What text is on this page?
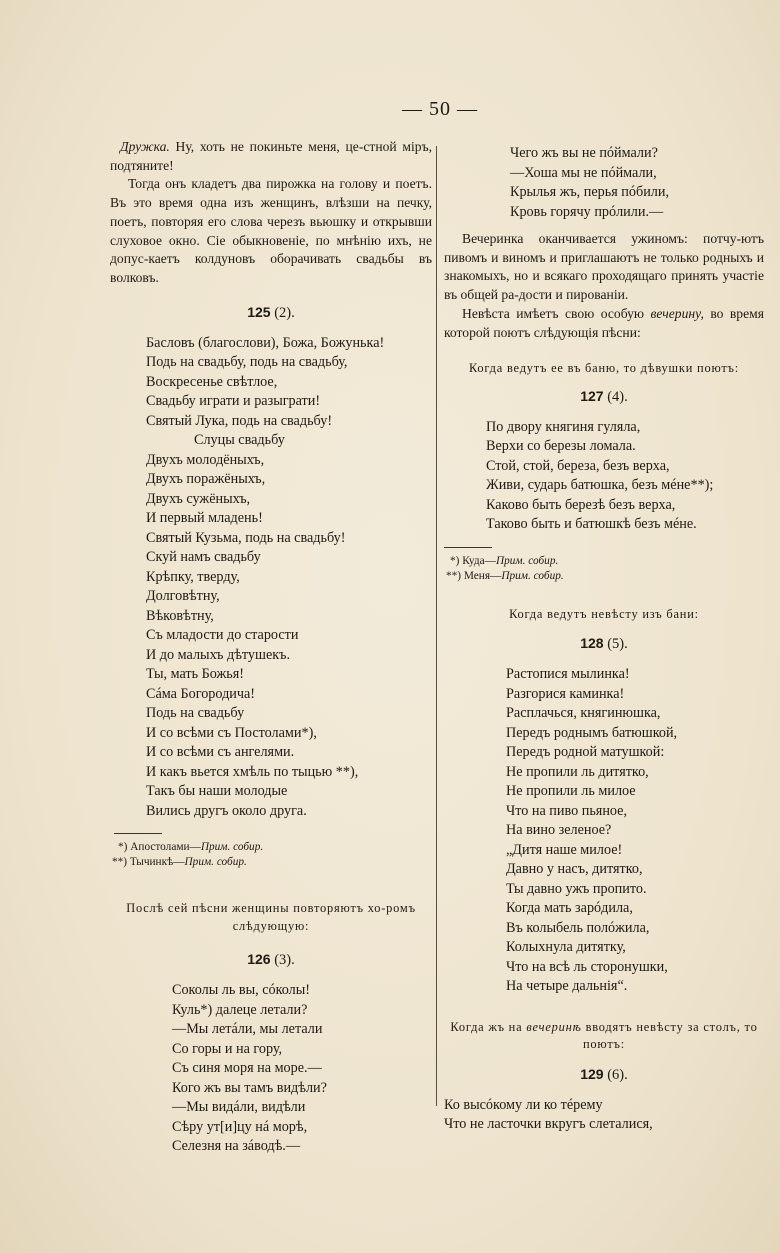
— 50 —

Дружка. Ну, хоть не покиньте меня, це-стной міръ, подтяните!

Тогда онъ кладетъ два пирожка на голову и поетъ. Въ это время одна изъ женщинъ, влѣзши на печку, поетъ, повторяя его слова черезъ вьюшку и открывши слуховое окно. Сіе обыкновеніе, по мнѣнію ихъ, не допус-каетъ колдуновъ оборачивать свадьбы въ волковъ.

125 (2).
Басловъ (благослови), Божа, Божунька!
Подь на свадьбу, подь на свадьбу,
Воскресенье свѣтлое,
Свадьбу играти и разыграти!
Святый Лука, подь на свадьбу!
Слуцы свадьбу
Двухъ молодёныхъ,
Двухъ поражёныхъ,
Двухъ сужёныхъ,
И первый младень!
Святый Кузьма, подь на свадьбу!
Скуй намъ свадьбу
Крѣпку, тверду,
Долговѣтну,
Вѣковѣтну,
Съ младости до старости
И до малыхъ дѣтушекъ.
Ты, мать Божья!
Сáма Богородича!
Подь на свадьбу
И со всѣми съ Постолами*),
И со всѣми съ ангелями.
И какъ вьется хмѣль по тыцью **),
Такъ бы наши молодые
Вились другъ около друга.
*) Апостолами—Прим. собир.
**) Тычинкѣ—Прим. собир.
Послѣ сей пѣсни женщины повторяютъ хо-ромъ слѣдующую:
126 (3).
Соколы ль вы, сóколы!
Куль*) далеце летали?
—Мы летáли, мы летали
Со горы и на гору,
Съ синя моря на море.—
Кого жъ вы тамъ видѣли?
—Мы видáли, видѣли
Сѣру ут[и]цу нá морѣ,
Селезня на зáводѣ.—
Чего жъ вы не пóймали?
—Хоша мы не пóймали,
Крылья жъ, перья пóбили,
Кровь горячу прóлили.—

Вечеринка оканчивается ужиномъ: потчу-ютъ пивомъ и виномъ и приглашаютъ не только родныхъ и знакомыхъ, но и всякаго проходящаго принять участіе въ общей ра-дости и пированіи.

Невѣста имѣетъ свою особую вечерину, во время которой поютъ слѣдующія пѣсни:

Когда ведутъ ее въ баню, то дѣвушки поютъ:
127 (4).
По двору княгиня гуляла,
Верхи со березы ломала.
Стой, стой, береза, безъ верха,
Живи, сударь батюшка, безъ мéне**);
Каково быть березѣ безъ верха,
Таково быть и батюшкѣ безъ мéне.
*) Куда—Прим. собир.
**) Меня—Прим. собир.
Когда ведутъ невѣсту изъ бани:
128 (5).
Растопися мылинка!
Разгорися каминка!
Расплачься, княгинюшка,
Передъ роднымъ батюшкой,
Передъ родной матушкой:
Не пропили ль дитятко,
Не пропили ль милое
Что на пиво пьяное,
На вино зеленое?
„Дитя наше милое!
Давно у насъ, дитятко,
Ты давно ужъ пропито.
Когда мать зарóдила,
Въ колыбель полóжила,
Колыхнула дитятку,
Что на всѣ ль сторонушки,
На четыре дальнія“.
Когда жъ на вечеринѣ вводятъ невѣсту за столъ, то поютъ:
129 (6).
Ко высóкому ли ко тéрему
Что не ласточки вкругъ слеталися,
